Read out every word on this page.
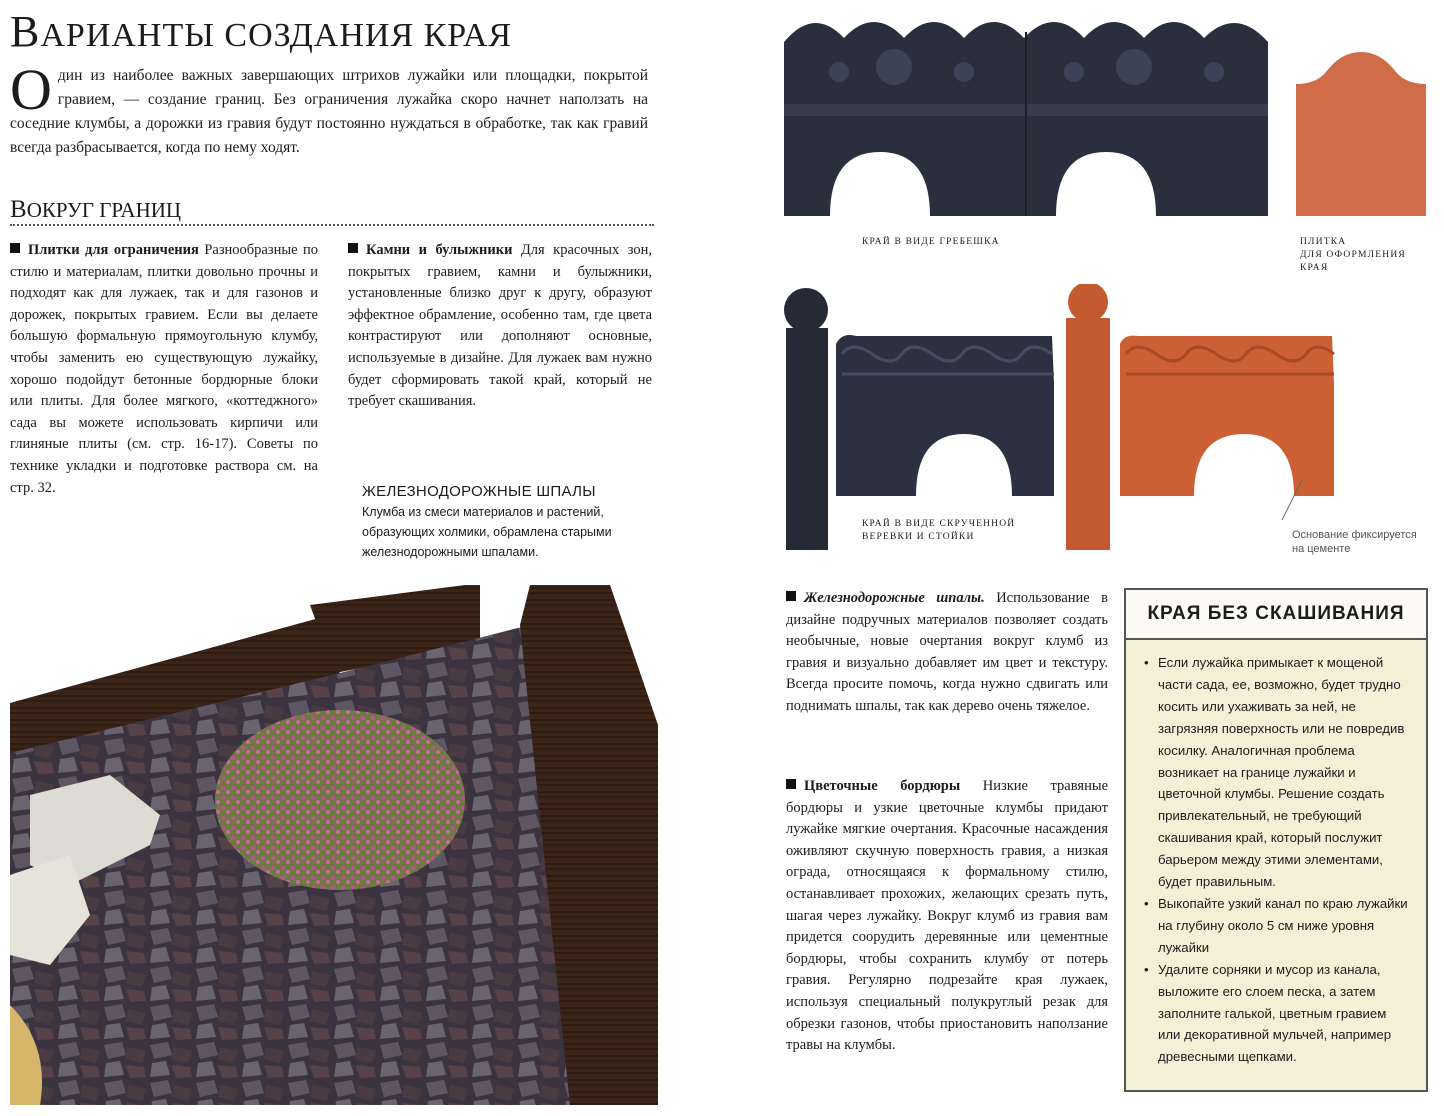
ВАРИАНТЫ СОЗДАНИЯ КРАЯ
Один из наиболее важных завершающих штрихов лужайки или площадки, покрытой гравием, — создание границ. Без ограничения лужайка скоро начнет наползать на соседние клумбы, а дорожки из гравия будут постоянно нуждаться в обработке, так как гравий всегда разбрасывается, когда по нему ходят.
ВОКРУГ ГРАНИЦ
Плитки для ограничения Разнообразные по стилю и материалам, плитки довольно прочны и подходят как для лужаек, так и для газонов и дорожек, покрытых гравием. Если вы делаете большую формальную прямоугольную клумбу, чтобы заменить ею существующую лужайку, хорошо подойдут бетонные бордюрные блоки или плиты. Для более мягкого, «коттеджного» сада вы можете использовать кирпичи или глиняные плиты (см. стр. 16-17). Советы по технике укладки и подготовке раствора см. на стр. 32.
Камни и булыжники Для красочных зон, покрытых гравием, камни и булыжники, установленные близко друг к другу, образуют эффектное обрамление, особенно там, где цвета контрастируют или дополняют основные, используемые в дизайне. Для лужаек вам нужно будет сформировать такой край, который не требует скашивания.
ЖЕЛЕЗНОДОРОЖНЫЕ ШПАЛЫ
Клумба из смеси материалов и растений, образующих холмики, обрамлена старыми железнодорожными шпалами.
КРАЙ В ВИДЕ ГРЕБЕШКА	ПЛИТКА
ДЛЯ ОФОРМЛЕНИЯ
КРАЯ
КРАЙ В ВИДЕ СКРУЧЕННОЙ
ВЕРЕВКИ И СТОЙКИ	Основание фиксируется
на цементе
Железнодорожные шпалы. Использование в дизайне подручных материалов позволяет создать необычные, новые очертания вокруг клумб из гравия и визуально добавляет им цвет и текстуру. Всегда просите помочь, когда нужно сдвигать или поднимать шпалы, так как дерево очень тяжелое.
Цветочные бордюры Низкие травяные бордюры и узкие цветочные клумбы придают лужайке мягкие очертания. Красочные насаждения оживляют скучную поверхность гравия, а низкая ограда, относящаяся к формальному стилю, останавливает прохожих, желающих срезать путь, шагая через лужайку. Вокруг клумб из гравия вам придется соорудить деревянные или цементные бордюры, чтобы сохранить клумбу от потерь гравия. Регулярно подрезайте края лужаек, используя специальный полукруглый резак для обрезки газонов, чтобы приостановить наползание травы на клумбы.
КРАЯ БЕЗ СКАШИВАНИЯ

• Если лужайка примыкает к мощеной части сада, ее, возможно, будет трудно косить или ухаживать за ней, не загрязняя поверхность или не повредив косилку. Аналогичная проблема возникает на границе лужайки и цветочной клумбы. Решение создать привлекательный, не требующий скашивания край, который послужит барьером между этими элементами, будет правильным.

• Выкопайте узкий канал по краю лужайки на глубину около 5 см ниже уровня лужайки

• Удалите сорняки и мусор из канала, выложите его слоем песка, а затем заполните галькой, цветным гравием или декоративной мульчей, например древесными щепками.
